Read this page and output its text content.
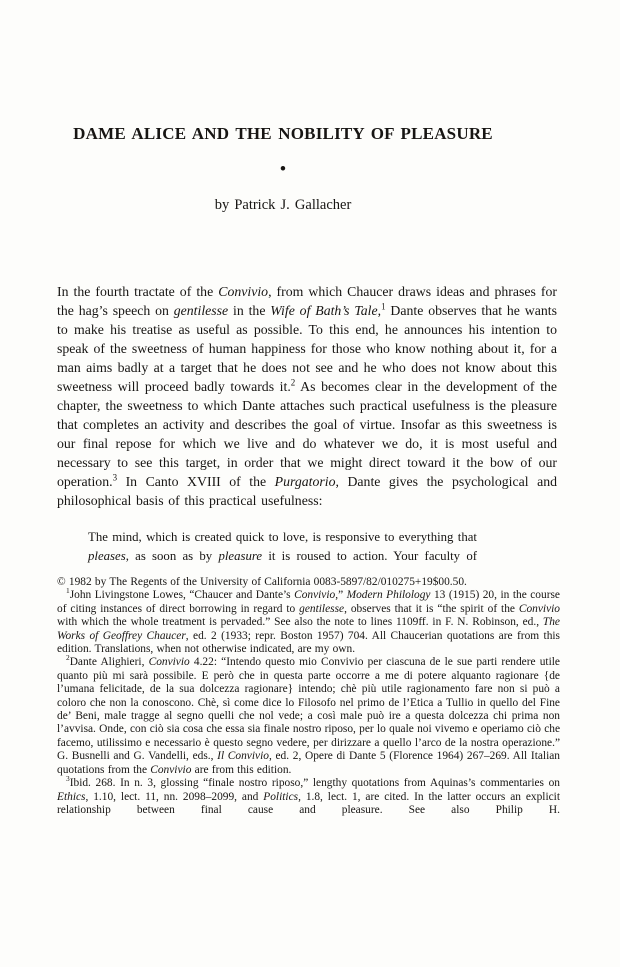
DAME ALICE AND THE NOBILITY OF PLEASURE
•
by Patrick J. Gallacher

In the fourth tractate of the Convivio, from which Chaucer draws ideas and phrases for the hag’s speech on gentilesse in the Wife of Bath’s Tale,$^1$ Dante observes that he wants to make his treatise as useful as possible. To this end, he announces his intention to speak of the sweetness of human happiness for those who know nothing about it, for a man aims badly at a target that he does not see and he who does not know about this sweetness will proceed badly towards it.$^2$ As becomes clear in the development of the chapter, the sweetness to which Dante attaches such practical usefulness is the pleasure that completes an activity and describes the goal of virtue. Insofar as this sweetness is our final repose for which we live and do whatever we do, it is most useful and necessary to see this target, in order that we might direct toward it the bow of our operation.$^3$ In Canto XVIII of the Purgatorio, Dante gives the psychological and philosophical basis of this practical usefulness:

The mind, which is created quick to love, is responsive to everything that pleases, as soon as by pleasure it is roused to action. Your faculty of

© 1982 by The Regents of the University of California 0083-5897/82/010275+19$00.50.

$^1$John Livingstone Lowes, “Chaucer and Dante’s Convivio,” Modern Philology 13 (1915) 20, in the course of citing instances of direct borrowing in regard to gentilesse, observes that it is “the spirit of the Convivio with which the whole treatment is pervaded.” See also the note to lines 1109ff. in F. N. Robinson, ed., The Works of Geoffrey Chaucer, ed. 2 (1933; repr. Boston 1957) 704. All Chaucerian quotations are from this edition. Translations, when not otherwise indicated, are my own.

$^2$Dante Alighieri, Convivio 4.22: “Intendo questo mio Convivio per ciascuna de le sue parti rendere utile quanto più mi sarà possibile. E però che in questa parte occorre a me di potere alquanto ragionare {de l’umana felicitade, de la sua dolcezza ragionare} intendo; chè più utile ragionamento fare non si può a coloro che non la conoscono. Chè, sì come dice lo Filosofo nel primo de l’Etica a Tullio in quello del Fine de’ Beni, male tragge al segno quelli che nol vede; a così male può ire a questa dolcezza chi prima non l’avvisa. Onde, con ciò sia cosa che essa sia finale nostro riposo, per lo quale noi vivemo e operiamo ciò che facemo, utilissimo e necessario è questo segno vedere, per dirizzare a quello l’arco de la nostra operazione.” G. Busnelli and G. Vandelli, eds., Il Convivio, ed. 2, Opere di Dante 5 (Florence 1964) 267–269. All Italian quotations from the Convivio are from this edition.

$^3$Ibid. 268. In n. 3, glossing “finale nostro riposo,” lengthy quotations from Aquinas’s commentaries on Ethics, 1.10, lect. 11, nn. 2098–2099, and Politics, 1.8, lect. 1, are cited. In the latter occurs an explicit relationship between final cause and pleasure. See also Philip H.
